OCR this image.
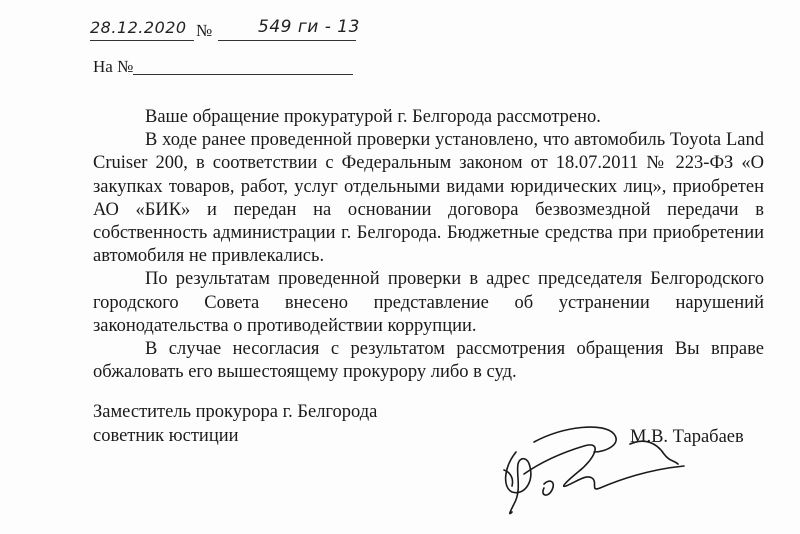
28.12.2020 №	549 ги - 13
На №

Ваше обращение прокуратурой г. Белгорода рассмотрено.

В ходе ранее проведенной проверки установлено, что автомобиль Toyota Land Cruiser 200, в соответствии с Федеральным законом от 18.07.2011 № 223-ФЗ «О закупках товаров, работ, услуг отдельными видами юридических лиц», приобретен АО «БИК» и передан на основании договора безвозмездной передачи в собственность администрации г. Белгорода. Бюджетные средства при приобретении автомобиля не привлекались.

По результатам проведенной проверки в адрес председателя Белгородского городского Совета внесено представление об устранении нарушений законодательства о противодействии коррупции.

В случае несогласия с результатом рассмотрения обращения Вы вправе обжаловать его вышестоящему прокурору либо в суд.

Заместитель прокурора г. Белгорода
советник юстиции	М.В. Тарабаев
